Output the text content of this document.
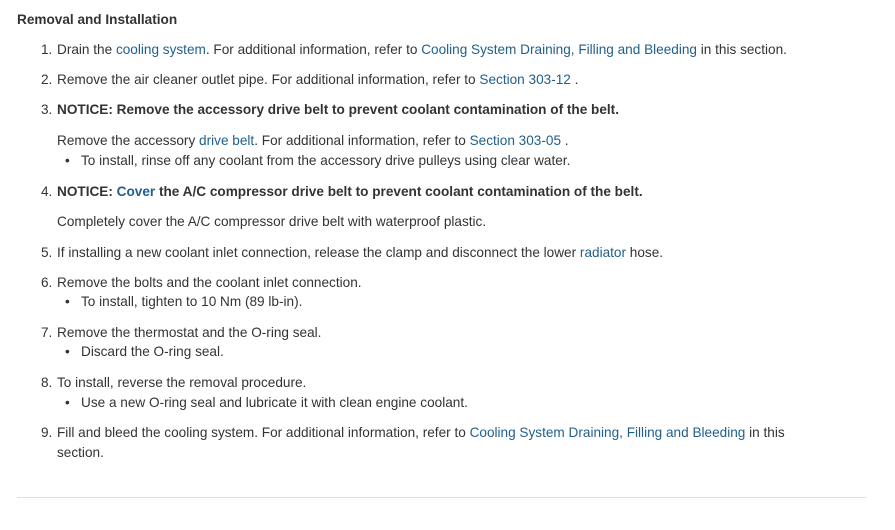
Removal and Installation
1. Drain the cooling system. For additional information, refer to Cooling System Draining, Filling and Bleeding in this section.
2. Remove the air cleaner outlet pipe. For additional information, refer to Section 303-12 .
3. NOTICE: Remove the accessory drive belt to prevent coolant contamination of the belt.
Remove the accessory drive belt. For additional information, refer to Section 303-05 .
• To install, rinse off any coolant from the accessory drive pulleys using clear water.
4. NOTICE: Cover the A/C compressor drive belt to prevent coolant contamination of the belt.
Completely cover the A/C compressor drive belt with waterproof plastic.
5. If installing a new coolant inlet connection, release the clamp and disconnect the lower radiator hose.
6. Remove the bolts and the coolant inlet connection.
• To install, tighten to 10 Nm (89 lb-in).
7. Remove the thermostat and the O-ring seal.
• Discard the O-ring seal.
8. To install, reverse the removal procedure.
• Use a new O-ring seal and lubricate it with clean engine coolant.
9. Fill and bleed the cooling system. For additional information, refer to Cooling System Draining, Filling and Bleeding in this
section.
